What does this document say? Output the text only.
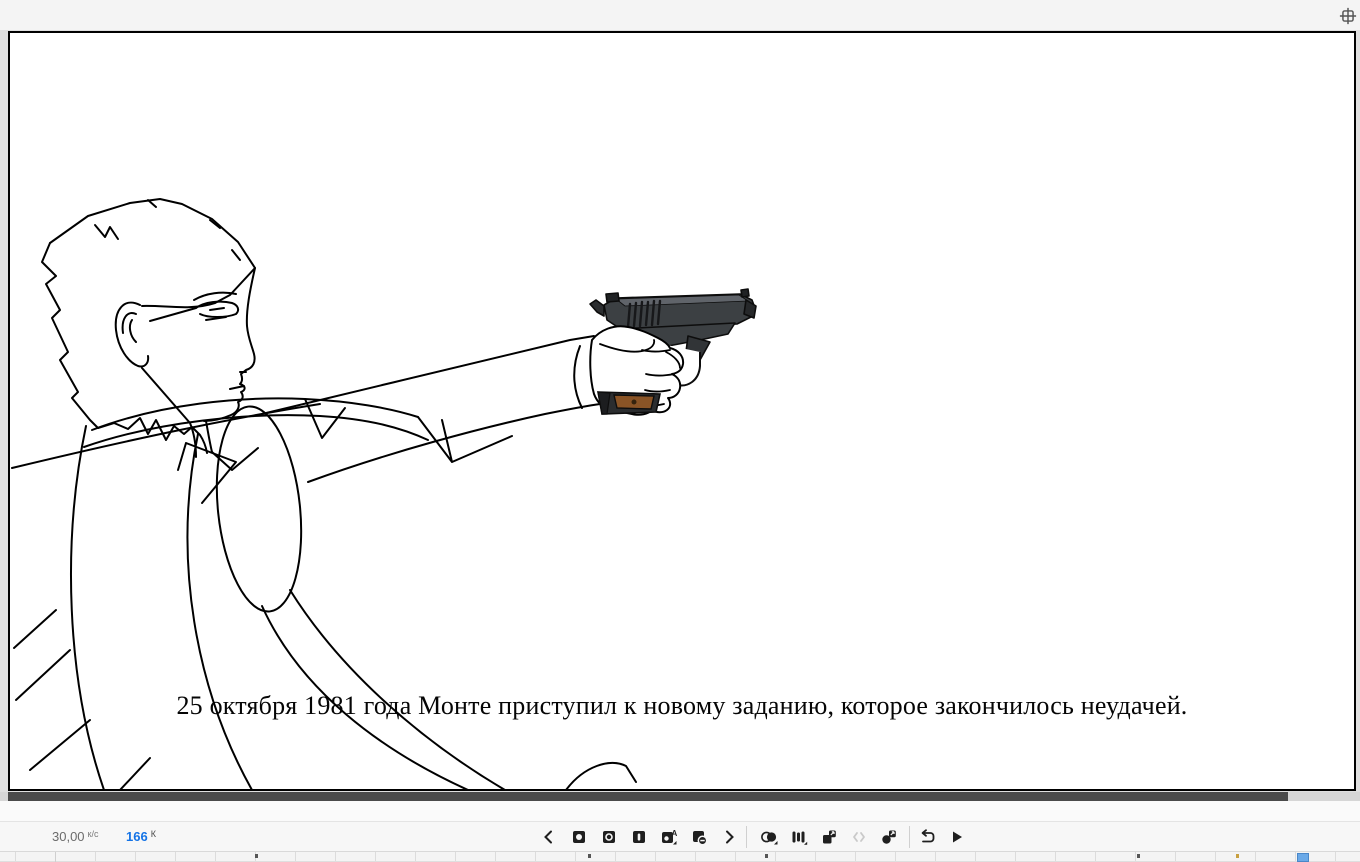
25 октября 1981 года Монте приступил к новому заданию, которое закончилось неудачей.
30,00 $^{к/с}$ 166 $^К$	A
